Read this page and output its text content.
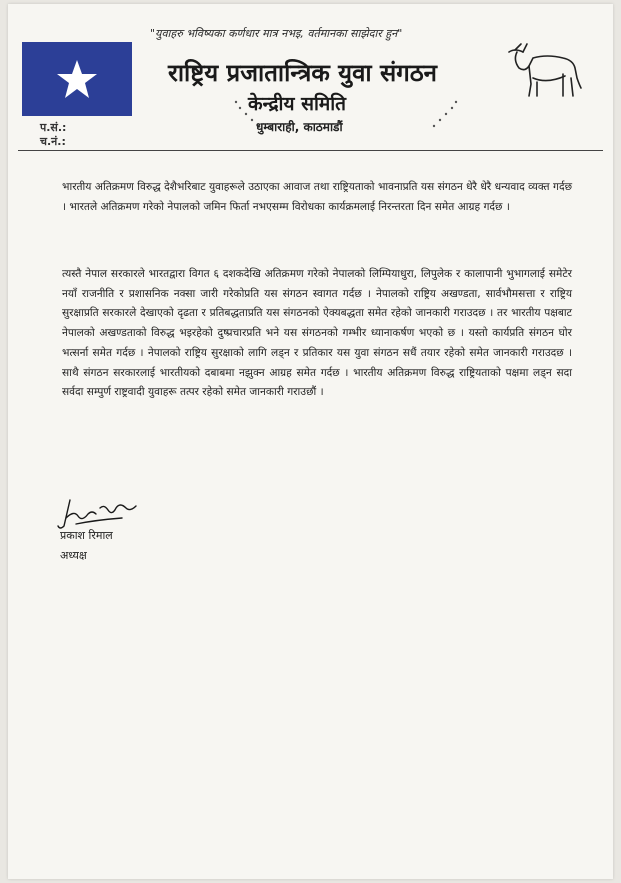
"युवाहरु भविष्यका कर्णधार मात्र नभइ, वर्तमानका साझेदार हुन"
राष्ट्रिय प्रजातान्त्रिक युवा संगठन
केन्द्रीय समिति
धुम्बाराही, काठमाडौं
प.सं.:
च.नं.:
भारतीय अतिक्रमण विरुद्ध देशैभरिबाट युवाहरूले उठाएका आवाज तथा राष्ट्रियताको भावनाप्रति यस संगठन धेरै धेरै धन्यवाद व्यक्त गर्दछ । भारतले अतिक्रमण गरेको नेपालको जमिन फिर्ता नभएसम्म विरोधका कार्यक्रमलाई निरन्तरता दिन समेत आग्रह गर्दछ ।
त्यस्तै नेपाल सरकारले भारतद्वारा विगत ६ दशकदेखि अतिक्रमण गरेको नेपालको लिम्पियाधुरा, लिपुलेक र कालापानी भुभागलाई समेटेर नयाँ राजनीति र प्रशासनिक नक्सा जारी गरेकोप्रति यस संगठन स्वागत गर्दछ । नेपालको राष्ट्रिय अखण्डता, सार्वभौमसत्ता र राष्ट्रिय सुरक्षाप्रति सरकारले देखाएको दृढता र प्रतिबद्धताप्रति यस संगठनको ऐक्यबद्धता समेत रहेको जानकारी गराउदछ । तर भारतीय पक्षबाट नेपालको अखण्डताको विरुद्ध भइरहेको दुष्प्रचारप्रति भने यस संगठनको गम्भीर ध्यानाकर्षण भएको छ । यस्तो कार्यप्रति संगठन घोर भत्सर्ना समेत गर्दछ । नेपालको राष्ट्रिय सुरक्षाको लागि लड्न र प्रतिकार यस युवा संगठन सधैं तयार रहेको समेत जानकारी गराउदछ । साथै संगठन सरकारलाई भारतीयको दबाबमा नझुक्न आग्रह समेत गर्दछ । भारतीय अतिक्रमण विरुद्ध राष्ट्रियताको पक्षमा लड्न सदा सर्वदा सम्पुर्ण राष्ट्रवादी युवाहरू तत्पर रहेको समेत जानकारी गराउछौं ।
प्रकाश रिमाल
अध्यक्ष
